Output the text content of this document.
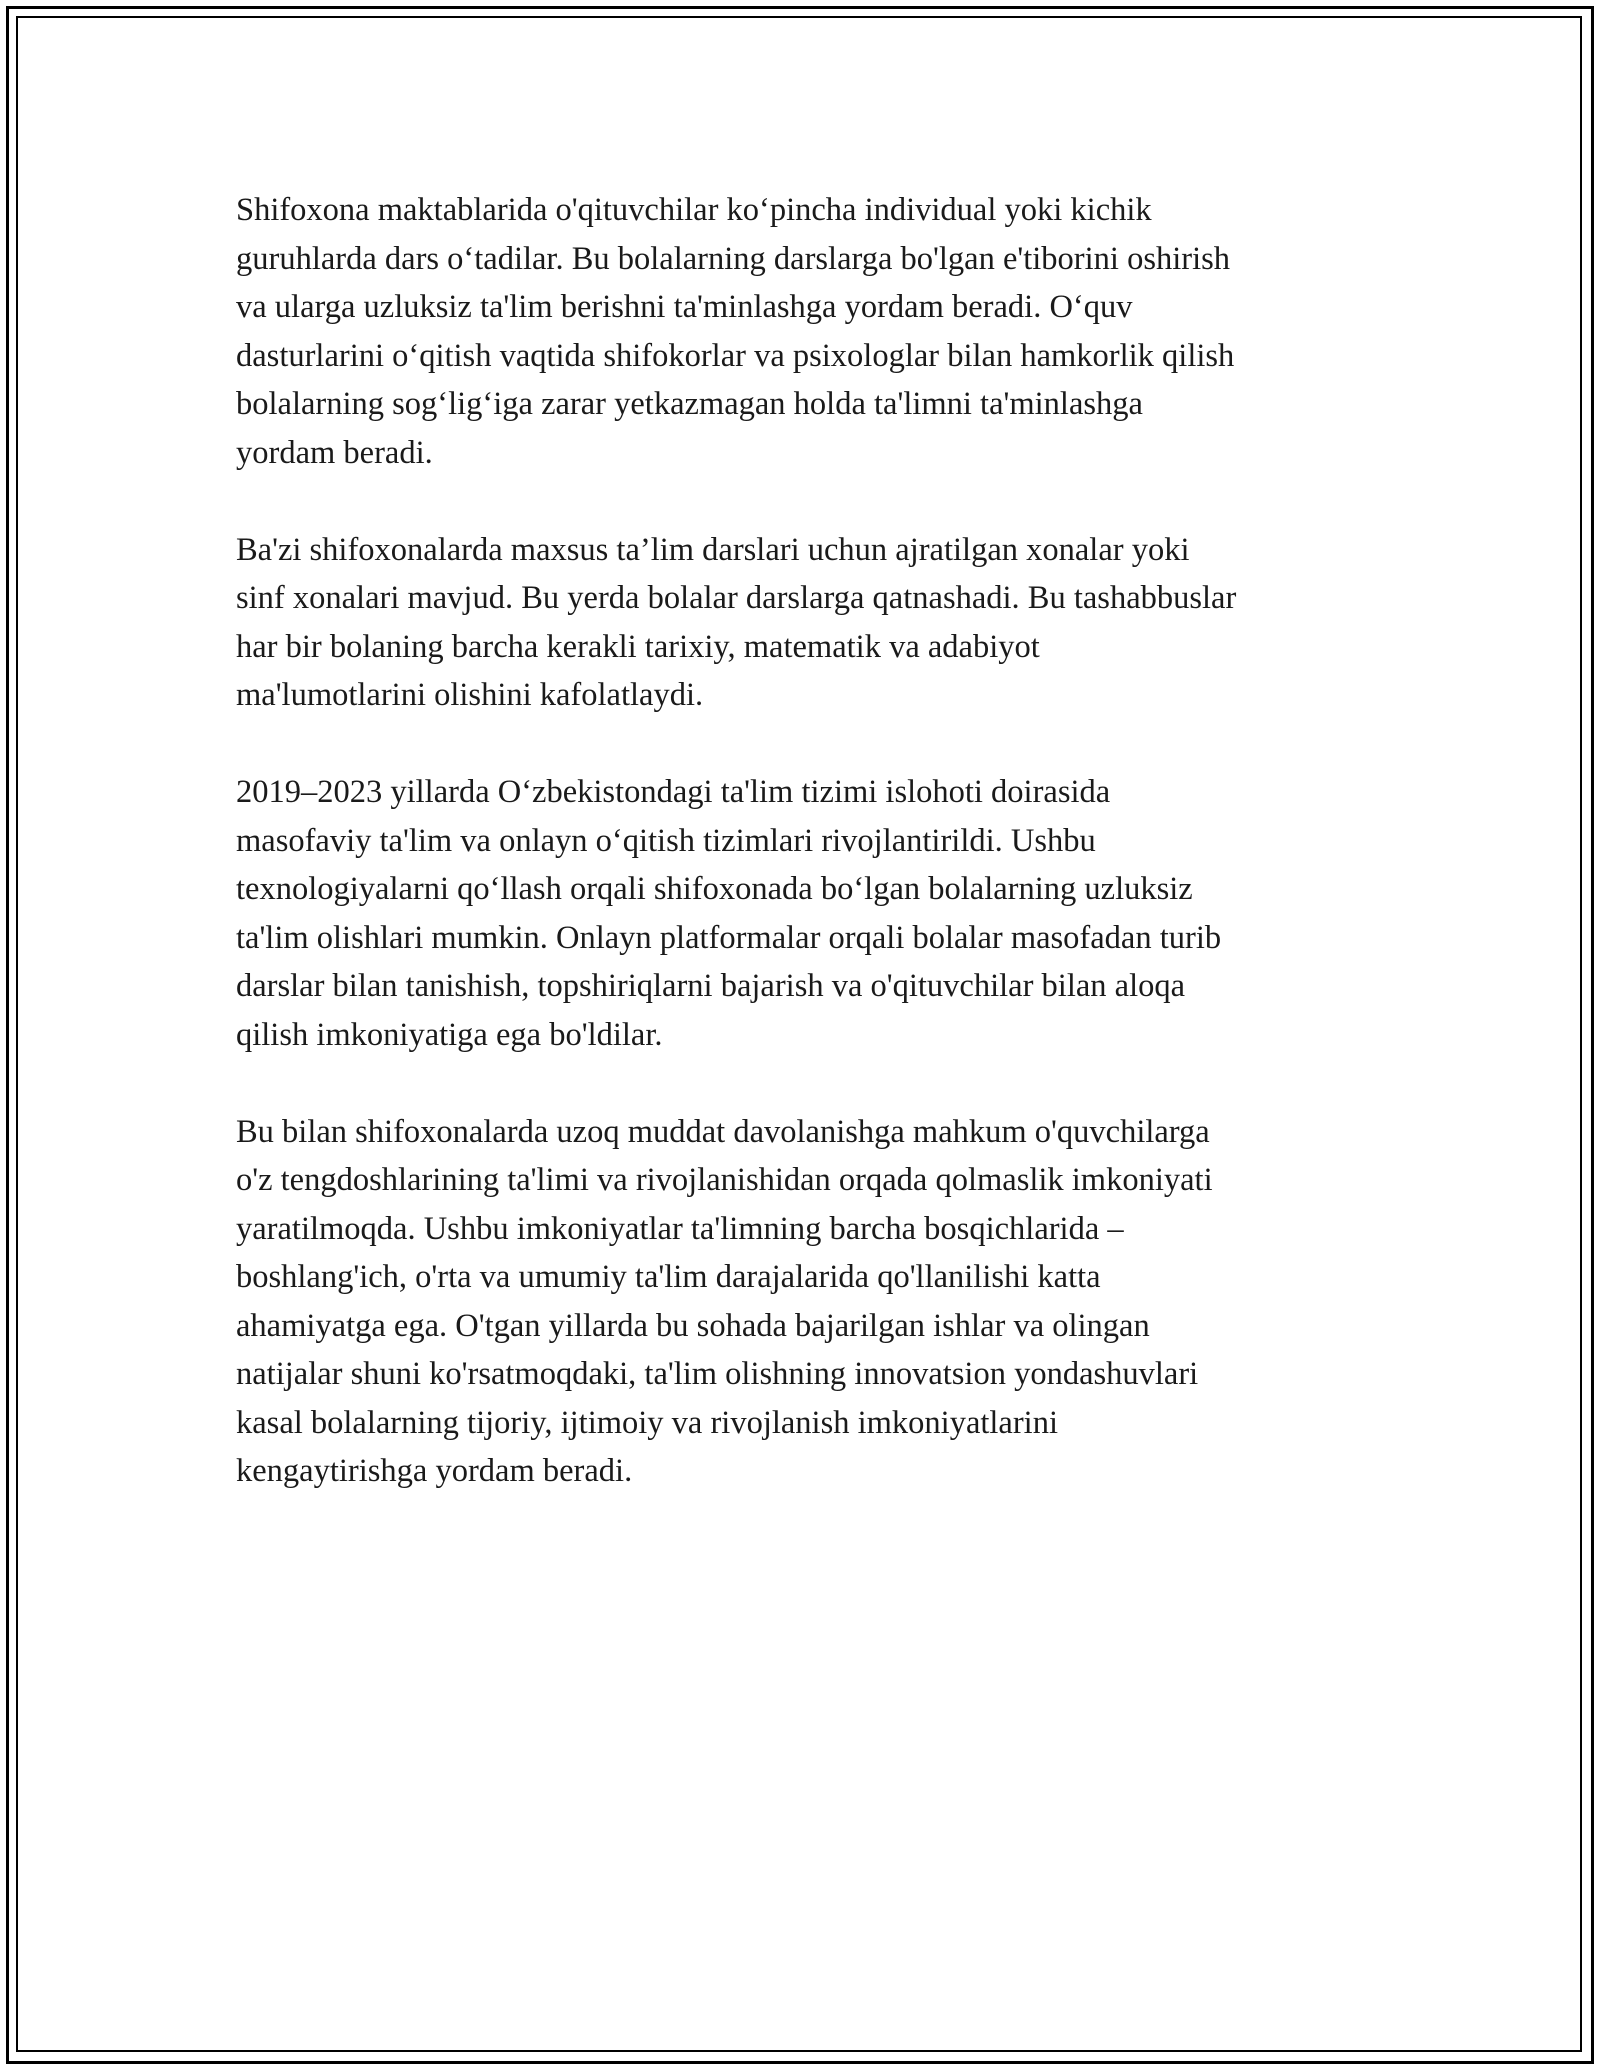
Shifoxona maktablarida o'qituvchilar koʻpincha individual yoki kichik
guruhlarda dars oʻtadilar. Bu bolalarning darslarga bo'lgan e'tiborini oshirish
va ularga uzluksiz ta'lim berishni ta'minlashga yordam beradi. Oʻquv
dasturlarini oʻqitish vaqtida shifokorlar va psixologlar bilan hamkorlik qilish
bolalarning sogʻligʻiga zarar yetkazmagan holda ta'limni ta'minlashga
yordam beradi.

Ba'zi shifoxonalarda maxsus ta’lim darslari uchun ajratilgan xonalar yoki
sinf xonalari mavjud. Bu yerda bolalar darslarga qatnashadi. Bu tashabbuslar
har bir bolaning barcha kerakli tarixiy, matematik va adabiyot
ma'lumotlarini olishini kafolatlaydi.

2019–2023 yillarda Oʻzbekistondagi ta'lim tizimi islohoti doirasida
masofaviy ta'lim va onlayn oʻqitish tizimlari rivojlantirildi. Ushbu
texnologiyalarni qoʻllash orqali shifoxonada boʻlgan bolalarning uzluksiz
ta'lim olishlari mumkin. Onlayn platformalar orqali bolalar masofadan turib
darslar bilan tanishish, topshiriqlarni bajarish va o'qituvchilar bilan aloqa
qilish imkoniyatiga ega bo'ldilar.

Bu bilan shifoxonalarda uzoq muddat davolanishga mahkum o'quvchilarga
o'z tengdoshlarining ta'limi va rivojlanishidan orqada qolmaslik imkoniyati
yaratilmoqda. Ushbu imkoniyatlar ta'limning barcha bosqichlarida –
boshlang'ich, o'rta va umumiy ta'lim darajalarida qo'llanilishi katta
ahamiyatga ega. O'tgan yillarda bu sohada bajarilgan ishlar va olingan
natijalar shuni ko'rsatmoqdaki, ta'lim olishning innovatsion yondashuvlari
kasal bolalarning tijoriy, ijtimoiy va rivojlanish imkoniyatlarini
kengaytirishga yordam beradi.
